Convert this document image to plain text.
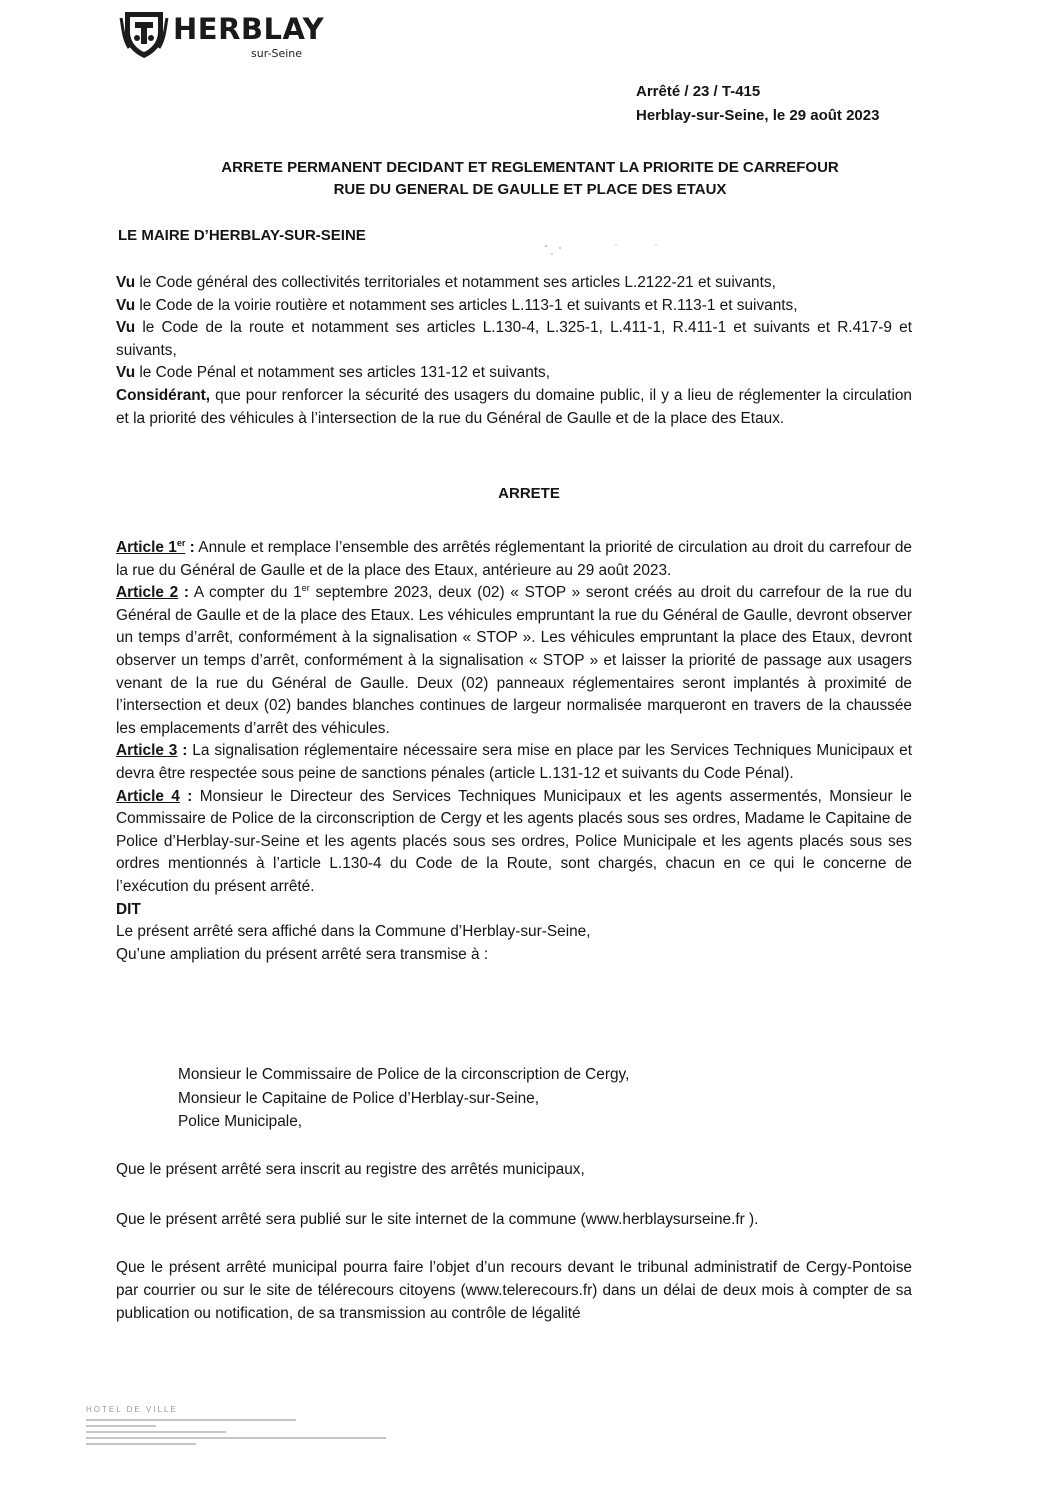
HERBLAY
sur-Seine
Arrêté / 23 / T-415
Herblay-sur-Seine, le 29 août 2023
ARRETE PERMANENT DECIDANT ET REGLEMENTANT LA PRIORITE DE CARREFOUR
RUE DU GENERAL DE GAULLE ET PLACE DES ETAUX
LE MAIRE D’HERBLAY-SUR-SEINE

Vu le Code général des collectivités territoriales et notamment ses articles L.2122-21 et suivants,

Vu le Code de la voirie routière et notamment ses articles L.113-1 et suivants et R.113-1 et suivants,

Vu le Code de la route et notamment ses articles L.130-4, L.325-1, L.411-1, R.411-1 et suivants et R.417-9 et suivants,

Vu le Code Pénal et notamment ses articles 131-12 et suivants,

Considérant, que pour renforcer la sécurité des usagers du domaine public, il y a lieu de réglementer la circulation et la priorité des véhicules à l’intersection de la rue du Général de Gaulle et de la place des Etaux.

ARRETE

Article 1er : Annule et remplace l’ensemble des arrêtés réglementant la priorité de circulation au droit du carrefour de la rue du Général de Gaulle et de la place des Etaux, antérieure au 29 août 2023.

Article 2 : A compter du 1er septembre 2023, deux (02) « STOP » seront créés au droit du carrefour de la rue du Général de Gaulle et de la place des Etaux. Les véhicules empruntant la rue du Général de Gaulle, devront observer un temps d’arrêt, conformément à la signalisation « STOP ». Les véhicules empruntant la place des Etaux, devront observer un temps d’arrêt, conformément à la signalisation « STOP » et laisser la priorité de passage aux usagers venant de la rue du Général de Gaulle. Deux (02) panneaux réglementaires seront implantés à proximité de l’intersection et deux (02) bandes blanches continues de largeur normalisée marqueront en travers de la chaussée les emplacements d’arrêt des véhicules.

Article 3 : La signalisation réglementaire nécessaire sera mise en place par les Services Techniques Municipaux et devra être respectée sous peine de sanctions pénales (article L.131-12 et suivants du Code Pénal).

Article 4 : Monsieur le Directeur des Services Techniques Municipaux et les agents assermentés, Monsieur le Commissaire de Police de la circonscription de Cergy et les agents placés sous ses ordres, Madame le Capitaine de Police d’Herblay-sur-Seine et les agents placés sous ses ordres, Police Municipale et les agents placés sous ses ordres mentionnés à l’article L.130-4 du Code de la Route, sont chargés, chacun en ce qui le concerne de l’exécution du présent arrêté.

DIT

Le présent arrêté sera affiché dans la Commune d’Herblay-sur-Seine,

Qu’une ampliation du présent arrêté sera transmise à :

Monsieur le Commissaire de Police de la circonscription de Cergy,
Monsieur le Capitaine de Police d’Herblay-sur-Seine,
Police Municipale,
Que le présent arrêté sera inscrit au registre des arrêtés municipaux,
Que le présent arrêté sera publié sur le site internet de la commune (www.herblaysurseine.fr ).
Que le présent arrêté municipal pourra faire l’objet d’un recours devant le tribunal administratif de Cergy-Pontoise par courrier ou sur le site de télérecours citoyens (www.telerecours.fr) dans un délai de deux mois à compter de sa publication ou notification, de sa transmission au contrôle de légalité
HOTEL DE VILLE
